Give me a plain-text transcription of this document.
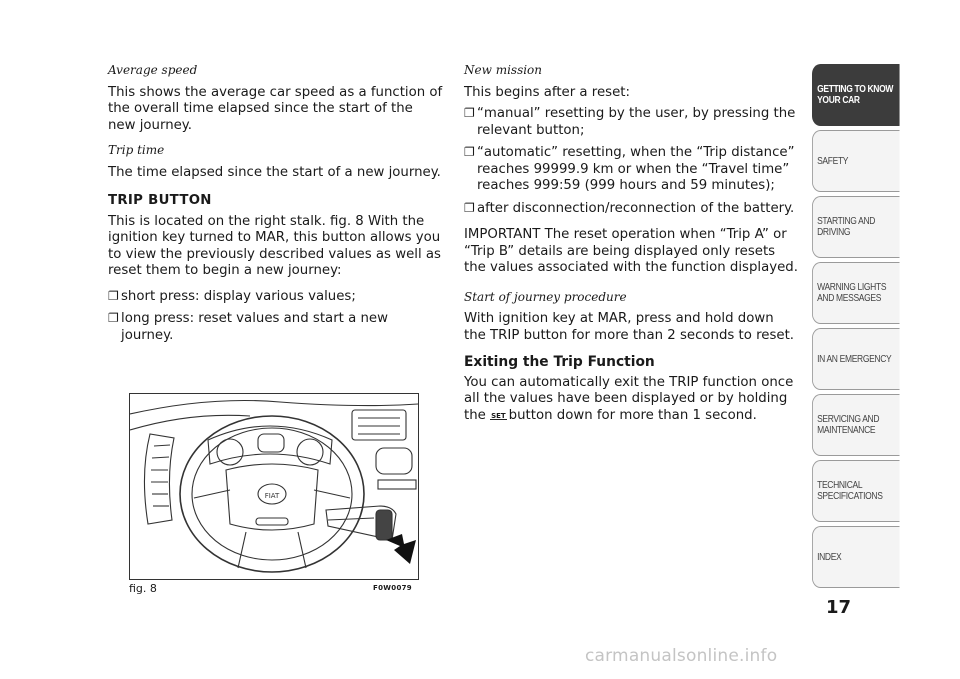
Average speed

This shows the average car speed as a function of the overall time elapsed since the start of the new journey.

Trip time

The time elapsed since the start of a new journey.

TRIP BUTTON

This is located on the right stalk. fig. 8 With the ignition key turned to MAR, this button allows you to view the previously described values as well as reset them to begin a new journey:

❐ short press: display various values;
❐ long press: reset values and start a new journey.
New mission

This begins after a reset:

❐ “manual” resetting by the user, by pressing the relevant button;
❐ “automatic” resetting, when the “Trip distance” reaches 99999.9 km or when the “Travel time” reaches 999:59 (999 hours and 59 minutes);
❐ after disconnection/reconnection of the battery.

IMPORTANT The reset operation when “Trip A” or “Trip B” details are being displayed only resets the values associated with the function displayed.

Start of journey procedure

With ignition key at MAR, press and hold down the TRIP button for more than 2 seconds to reset.

Exiting the Trip Function

You can automatically exit the TRIP function once all the values have been displayed or by holding the SET button down for more than 1 second.

FIAT
fig. 8	F0W0079
GETTING TO KNOW YOUR CAR
SAFETY
STARTING AND DRIVING
WARNING LIGHTS AND MESSAGES
IN AN EMERGENCY
SERVICING AND MAINTENANCE
TECHNICAL SPECIFICATIONS
INDEX
17
carmanualsonline.info
